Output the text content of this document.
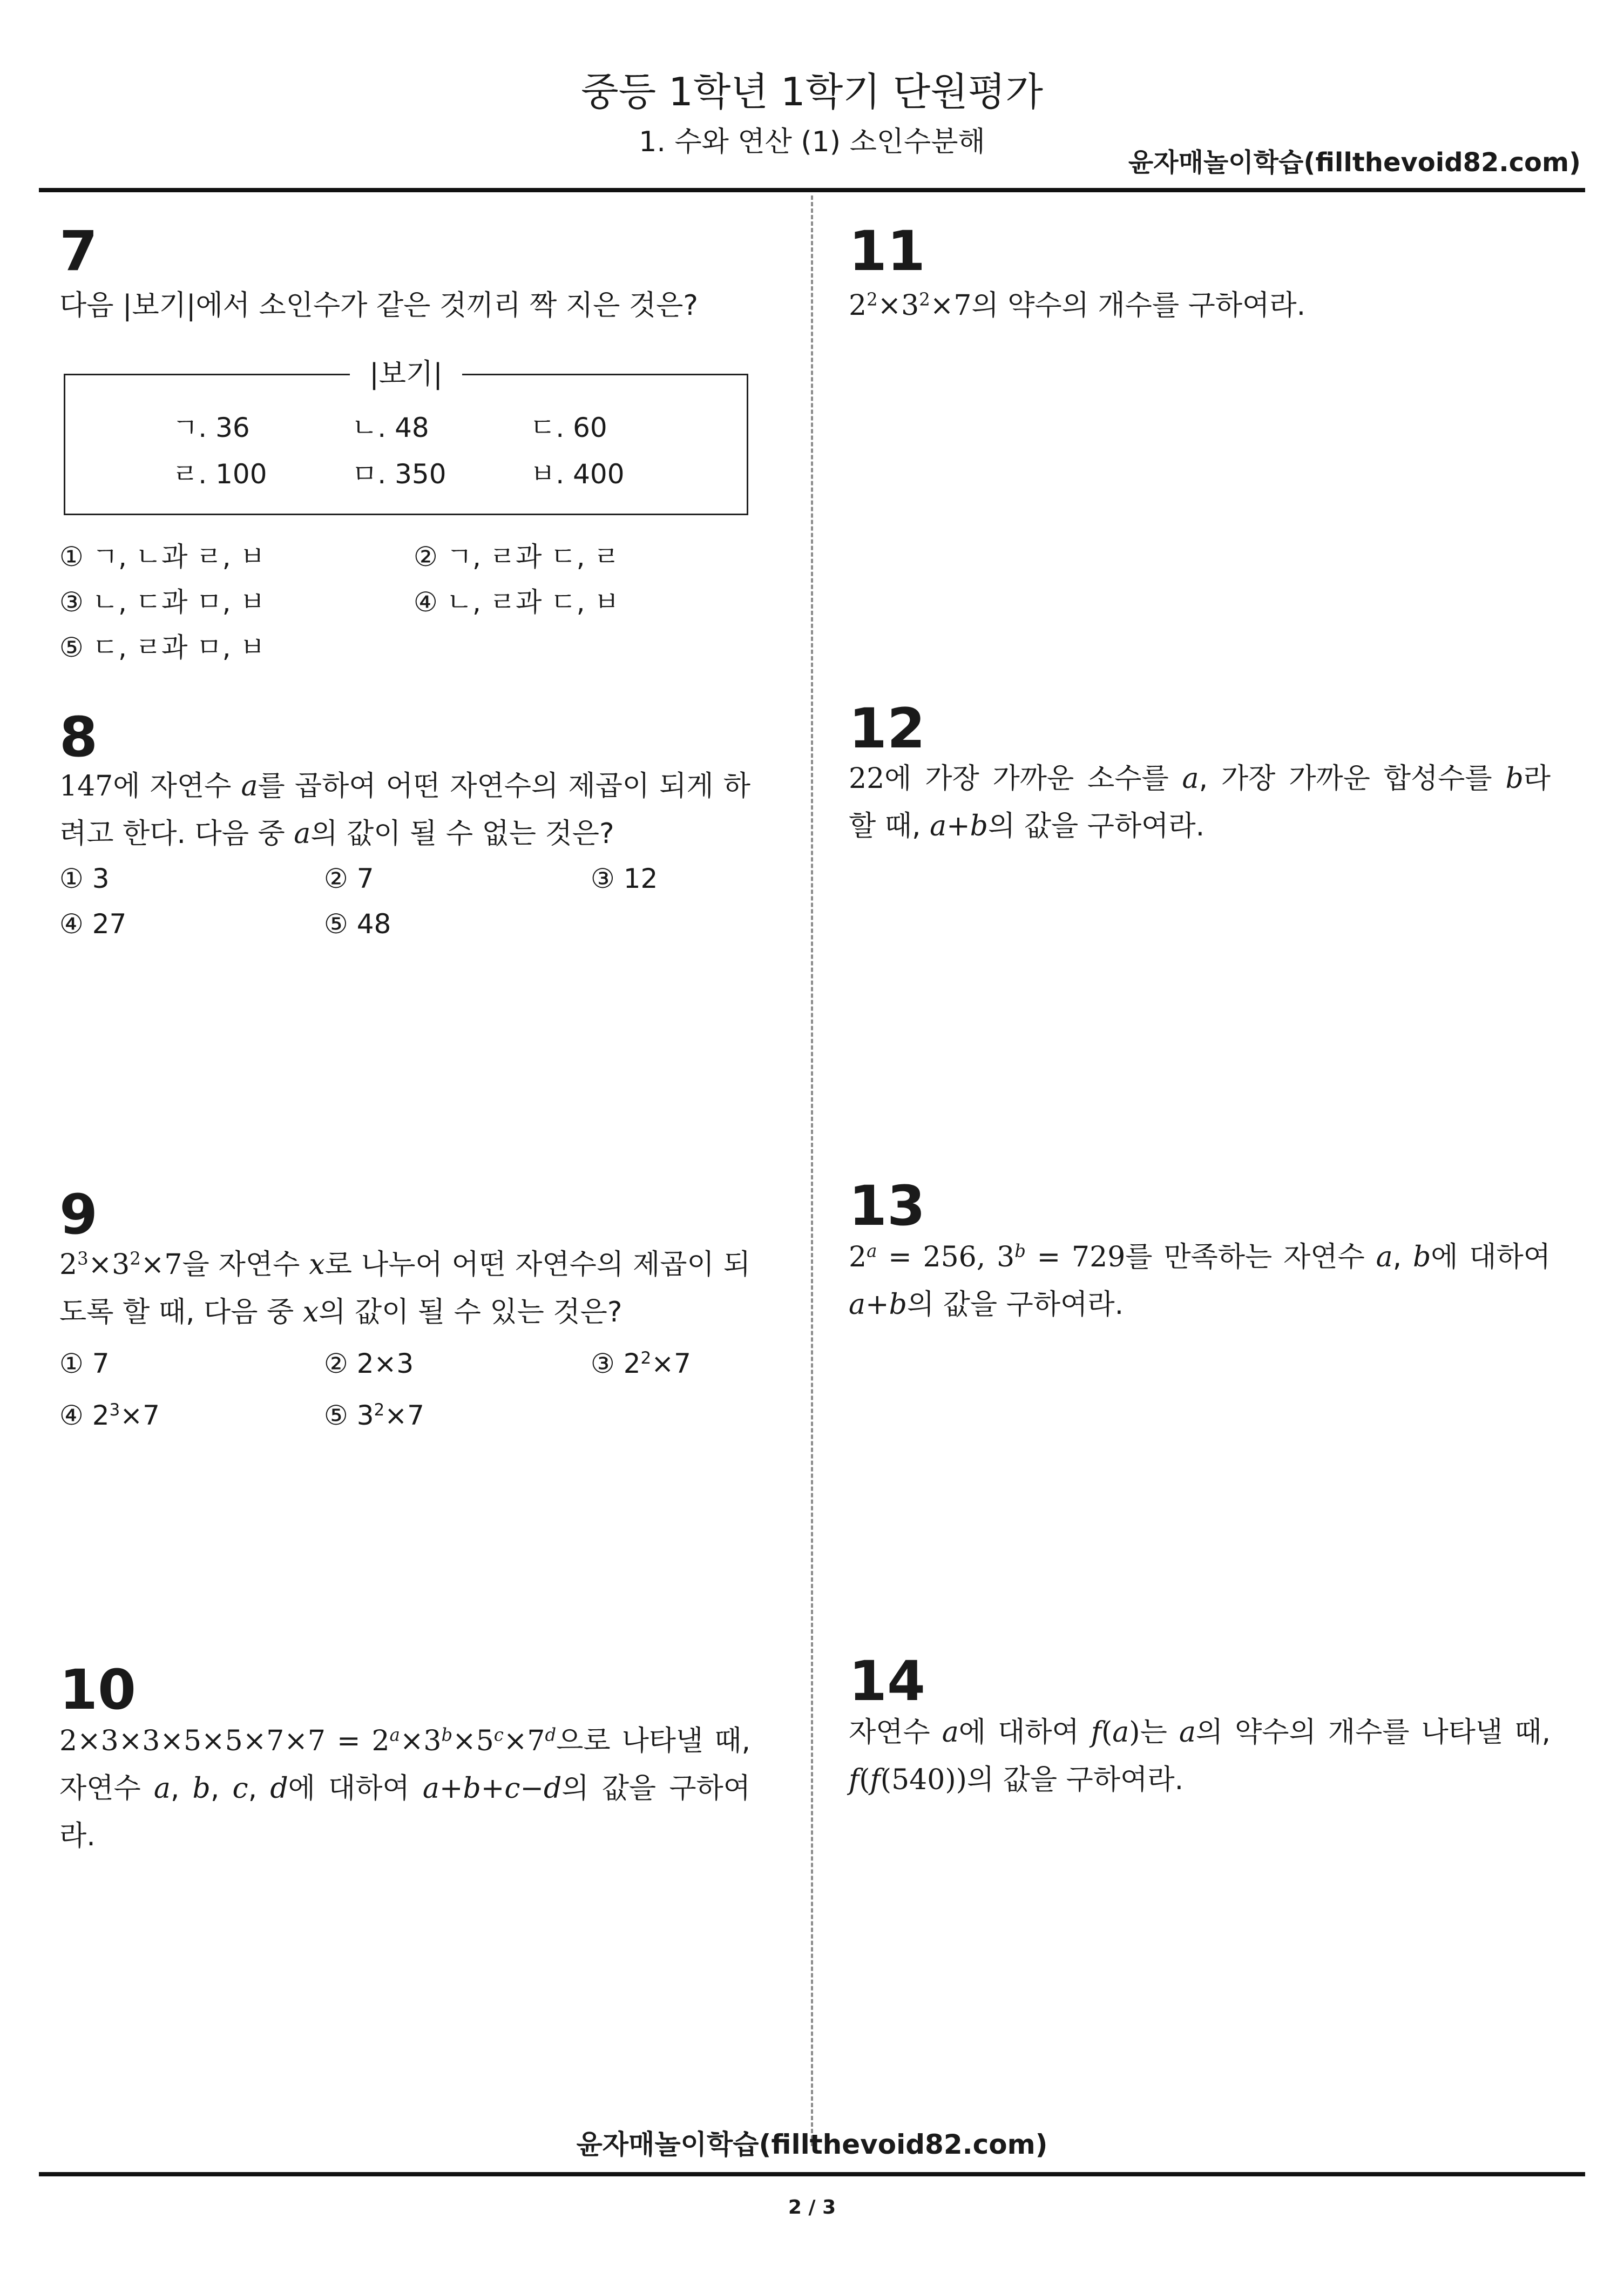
중등 1학년 1학기 단원평가
1. 수와 연산 (1) 소인수분해
윤자매놀이학습(fillthevoid82.com)
7
다음 |보기|에서 소인수가 같은 것끼리 짝 지은 것은?
|보기|
ㄱ. 36	ㄴ. 48	ㄷ. 60
ㄹ. 100	ㅁ. 350	ㅂ. 400
① ㄱ, ㄴ과 ㄹ, ㅂ	② ㄱ, ㄹ과 ㄷ, ㄹ
③ ㄴ, ㄷ과 ㅁ, ㅂ	④ ㄴ, ㄹ과 ㄷ, ㅂ
⑤ ㄷ, ㄹ과 ㅁ, ㅂ
8
147에 자연수 a를 곱하여 어떤 자연수의 제곱이 되게 하려고 한다. 다음 중 a의 값이 될 수 없는 것은?
① 3	② 7	③ 12
④ 27	⑤ 48
9
$2^3\times 3^2\times 7$을 자연수 x로 나누어 어떤 자연수의 제곱이 되도록 할 때, 다음 중 x의 값이 될 수 있는 것은?
① 7	② 2×3	③ $2^2\times 7$
④ $2^3\times 7$	⑤ $3^2\times 7$
10
$2\times 3\times 3\times 5\times 5\times 7\times 7 = 2^a\times 3^b\times 5^c\times 7^d$으로 나타낼 때, 자연수 a, b, c, d에 대하여 a+b+c−d의 값을 구하여라.
11
$2^2\times 3^2\times 7$의 약수의 개수를 구하여라.
12
22에 가장 가까운 소수를 a, 가장 가까운 합성수를 b라 할 때, a+b의 값을 구하여라.
13
$2^a = 256$, $3^b = 729$를 만족하는 자연수 a, b에 대하여 a+b의 값을 구하여라.
14
자연수 a에 대하여 f(a)는 a의 약수의 개수를 나타낼 때, f(f(540))의 값을 구하여라.
윤자매놀이학습(fillthevoid82.com)
2 / 3
